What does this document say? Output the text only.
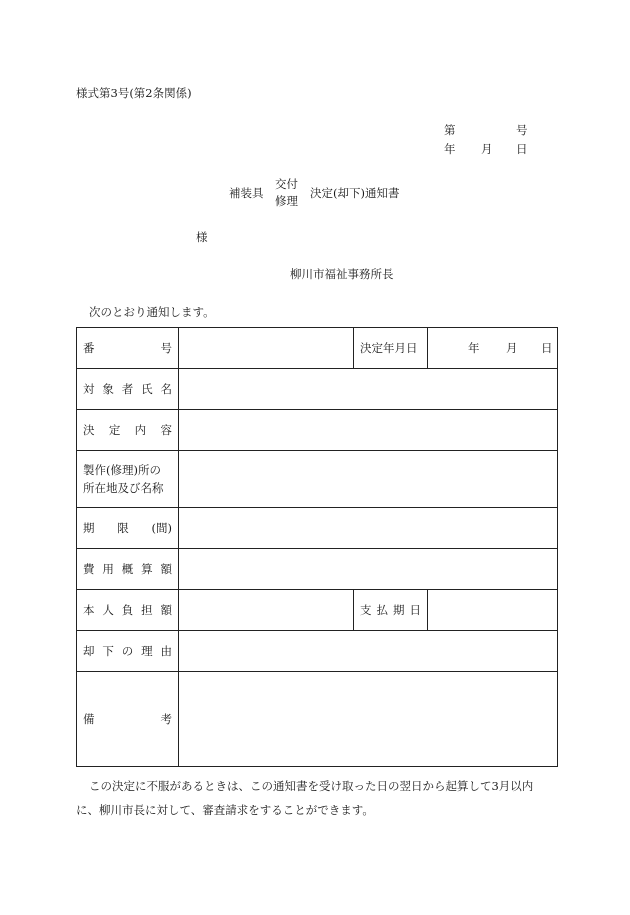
様式第3号(第2条関係)
第	号
年 月 日
補装具
交付
修理
決定(却下)通知書
様
柳川市福祉事務所長
次のとおり通知します。
番 号		決定年月日	年 月 日

対 象 者 氏 名			

決 定 内 容			

製作(修理)所の
所在地及び名称			

期 限 (間)			

費 用 概 算 額			

本 人 負 担 額		支 払 期 日	

却 下 の 理 由			

備 考			

この決定に不服があるときは、この通知書を受け取った日の翌日から起算して3月以内
に、柳川市長に対して、審査請求をすることができます。
